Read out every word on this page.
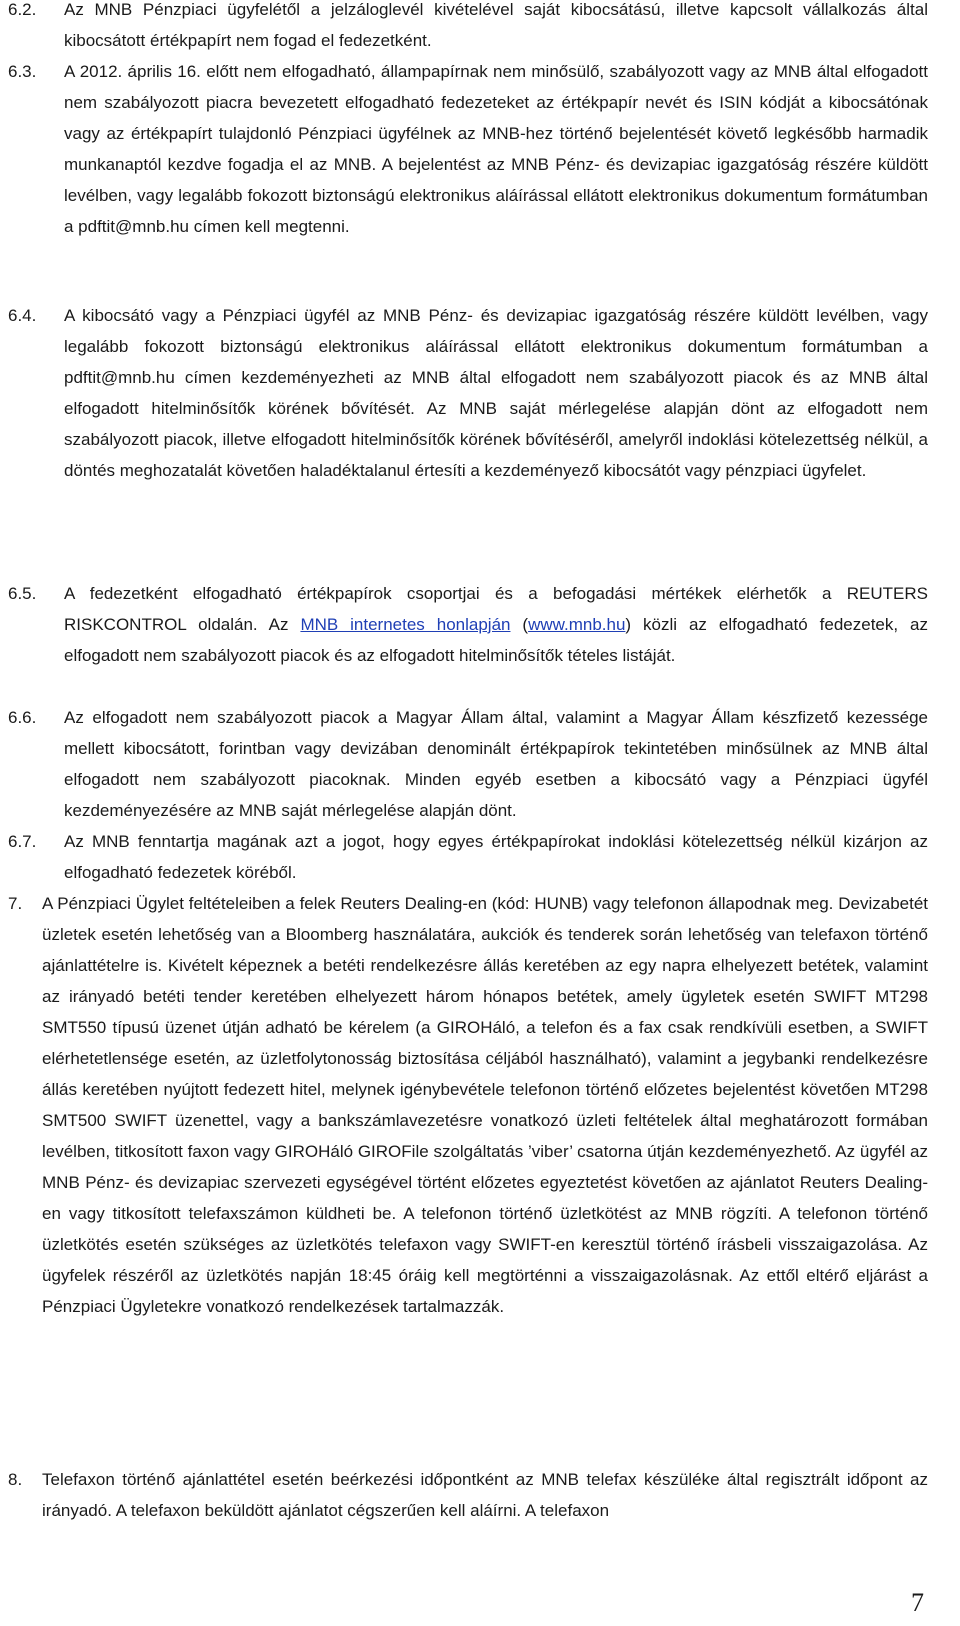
6.2. Az MNB Pénzpiaci ügyfelétől a jelzáloglevél kivételével saját kibocsátású, illetve kapcsolt vállalkozás által kibocsátott értékpapírt nem fogad el fedezetként.

6.3. A 2012. április 16. előtt nem elfogadható, állampapírnak nem minősülő, szabályozott vagy az MNB által elfogadott nem szabályozott piacra bevezetett elfogadható fedezeteket az értékpapír nevét és ISIN kódját a kibocsátónak vagy az értékpapírt tulajdonló Pénzpiaci ügyfélnek az MNB-hez történő bejelentését követő legkésőbb harmadik munkanaptól kezdve fogadja el az MNB. A bejelentést az MNB Pénz- és devizapiac igazgatóság részére küldött levélben, vagy legalább fokozott biztonságú elektronikus aláírással ellátott elektronikus dokumentum formátumban a pdftit@mnb.hu címen kell megtenni.

6.4. A kibocsátó vagy a Pénzpiaci ügyfél az MNB Pénz- és devizapiac igazgatóság részére küldött levélben, vagy legalább fokozott biztonságú elektronikus aláírással ellátott elektronikus dokumentum formátumban a pdftit@mnb.hu címen kezdeményezheti az MNB által elfogadott nem szabályozott piacok és az MNB által elfogadott hitelminősítők körének bővítését. Az MNB saját mérlegelése alapján dönt az elfogadott nem szabályozott piacok, illetve elfogadott hitelminősítők körének bővítéséről, amelyről indoklási kötelezettség nélkül, a döntés meghozatalát követően haladéktalanul értesíti a kezdeményező kibocsátót vagy pénzpiaci ügyfelet.

6.5. A fedezetként elfogadható értékpapírok csoportjai és a befogadási mértékek elérhetők a REUTERS RISKCONTROL oldalán. Az MNB internetes honlapján (www.mnb.hu) közli az elfogadható fedezetek, az elfogadott nem szabályozott piacok és az elfogadott hitelminősítők tételes listáját.

6.6. Az elfogadott nem szabályozott piacok a Magyar Állam által, valamint a Magyar Állam készfizető kezessége mellett kibocsátott, forintban vagy devizában denominált értékpapírok tekintetében minősülnek az MNB által elfogadott nem szabályozott piacoknak. Minden egyéb esetben a kibocsátó vagy a Pénzpiaci ügyfél kezdeményezésére az MNB saját mérlegelése alapján dönt.

6.7. Az MNB fenntartja magának azt a jogot, hogy egyes értékpapírokat indoklási kötelezettség nélkül kizárjon az elfogadható fedezetek köréből.

7. A Pénzpiaci Ügylet feltételeiben a felek Reuters Dealing-en (kód: HUNB) vagy telefonon állapodnak meg. Devizabetét üzletek esetén lehetőség van a Bloomberg használatára, aukciók és tenderek során lehetőség van telefaxon történő ajánlattételre is. Kivételt képeznek a betéti rendelkezésre állás keretében az egy napra elhelyezett betétek, valamint az irányadó betéti tender keretében elhelyezett három hónapos betétek, amely ügyletek esetén SWIFT MT298 SMT550 típusú üzenet útján adható be kérelem (a GIROHáló, a telefon és a fax csak rendkívüli esetben, a SWIFT elérhetetlensége esetén, az üzletfolytonosság biztosítása céljából használható), valamint a jegybanki rendelkezésre állás keretében nyújtott fedezett hitel, melynek igénybevétele telefonon történő előzetes bejelentést követően MT298 SMT500 SWIFT üzenettel, vagy a bankszámlavezetésre vonatkozó üzleti feltételek által meghatározott formában levélben, titkosított faxon vagy GIROHáló GIROFile szolgáltatás ’viber’ csatorna útján kezdeményezhető. Az ügyfél az MNB Pénz- és devizapiac szervezeti egységével történt előzetes egyeztetést követően az ajánlatot Reuters Dealing-en vagy titkosított telefaxszámon küldheti be. A telefonon történő üzletkötést az MNB rögzíti. A telefonon történő üzletkötés esetén szükséges az üzletkötés telefaxon vagy SWIFT-en keresztül történő írásbeli visszaigazolása. Az ügyfelek részéről az üzletkötés napján 18:45 óráig kell megtörténni a visszaigazolásnak. Az ettől eltérő eljárást a Pénzpiaci Ügyletekre vonatkozó rendelkezések tartalmazzák.

8. Telefaxon történő ajánlattétel esetén beérkezési időpontként az MNB telefax készüléke által regisztrált időpont az irányadó. A telefaxon beküldött ajánlatot cégszerűen kell aláírni. A telefaxon

7
